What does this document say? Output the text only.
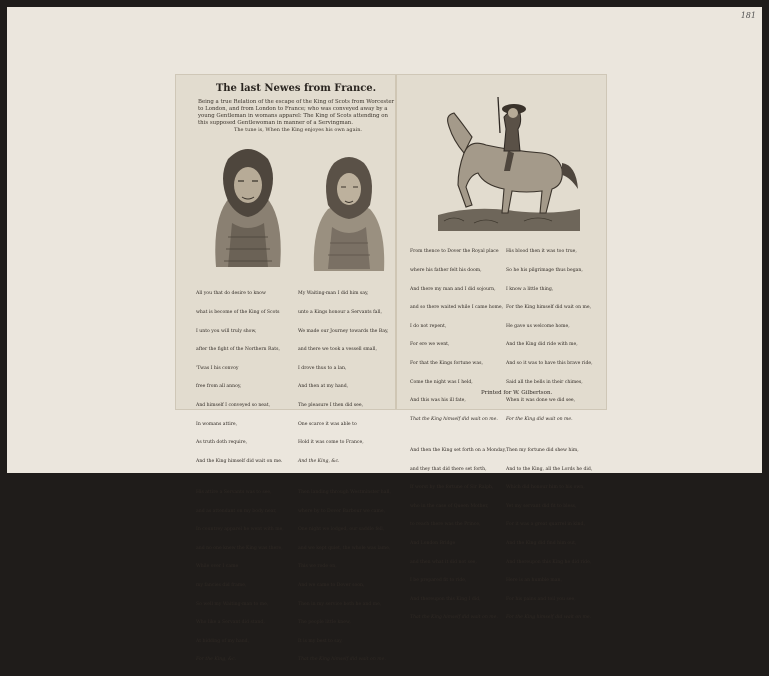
181
The last Newes from France.
Being a true Relation of the escape of the King of Scots from Worcester to London, and from London to France; who was conveyed away by a young Gentleman in womans apparel: The King of Scots attending on this supposed Gentlewoman in manner of a Servingman.
The tune is, When the King enjoyes his own again.

All you that do desire to know

what is become of the King of Scots

I unto you will truly show,

after the fight of the Northern Rats,

'Twas I his convoy

free from all annoy,

And himself I conveyed so neat,

In womans attire,

As truth doth require,

And the King himself did wait on me.

His attire a Servants was to see,

and as attendant on my body near,

In countrey apparel he went with me,

and no one knew the King was there,

While over I came

my fancies did frame,

So well my Waiting-man to me,

Who like a Servant did stand,

At bidding of my hand,

For the King, &c.

My Waiting-man I did him say,

unto a Kings honour a Servants fall,

We made our Journey towards the Bay,

and there we took a vessell small,

I drove thus to a lan,

And then at my hand,

The pleasure I then did see,

One scarce it was able to

Hold it was come to France,

And the King, &c.

Then landing through Westminster hall,

where by to Dover Barbour we came,

One night we lodged, our saddle fell,

and we kept quiet, the whole was lame,

This we rode on,

And we came to Dover soon,

Then in my service both he and me,

The people little knew,

It is my best to say,

That the King himself did wait on me.

From thence to Dover the Royal place

where his father felt his doom,

And there my man and I did sojourn,

and so there waited while I came home,

I do not repent,

For ere we went,

For that the Kings fortune was,

Come the night was I held,

And this was his ill fate,

That the King himself did wait on me.

And then the King set forth on a Monday,

and they that did there set forth,

If worst by the fortune of Sir Ralph,

who in the case of Queen Mother,

to reach there was the Prince,

And London Bridge

and then what it did not see,

I be prepared fit to ride,

And thereupon this King I did,

That the King himself did wait on me.

His blood then it was too true,

So he his pilgrimage thus began,

I know a little thing,

For the King himself did wait on me,

He gave us welcome home,

And the King did ride with me,

And so it was to have this brave ride,

Said all the bells in their chimes,

When it was done we did see,

For the King did wait on me.

Then my fortune did shew him,

And to the King, all the Lords he did,

Which did honour him to his own,

Yet my servant did fit to bless,

For it was a great quarrel in kind,

And the King did find him out,

And thereupon this King he did ride,

Here is an humble man,

For his pains and toil you see,

For the King himself did wait on me.

Printed for W. Gilbertson.
